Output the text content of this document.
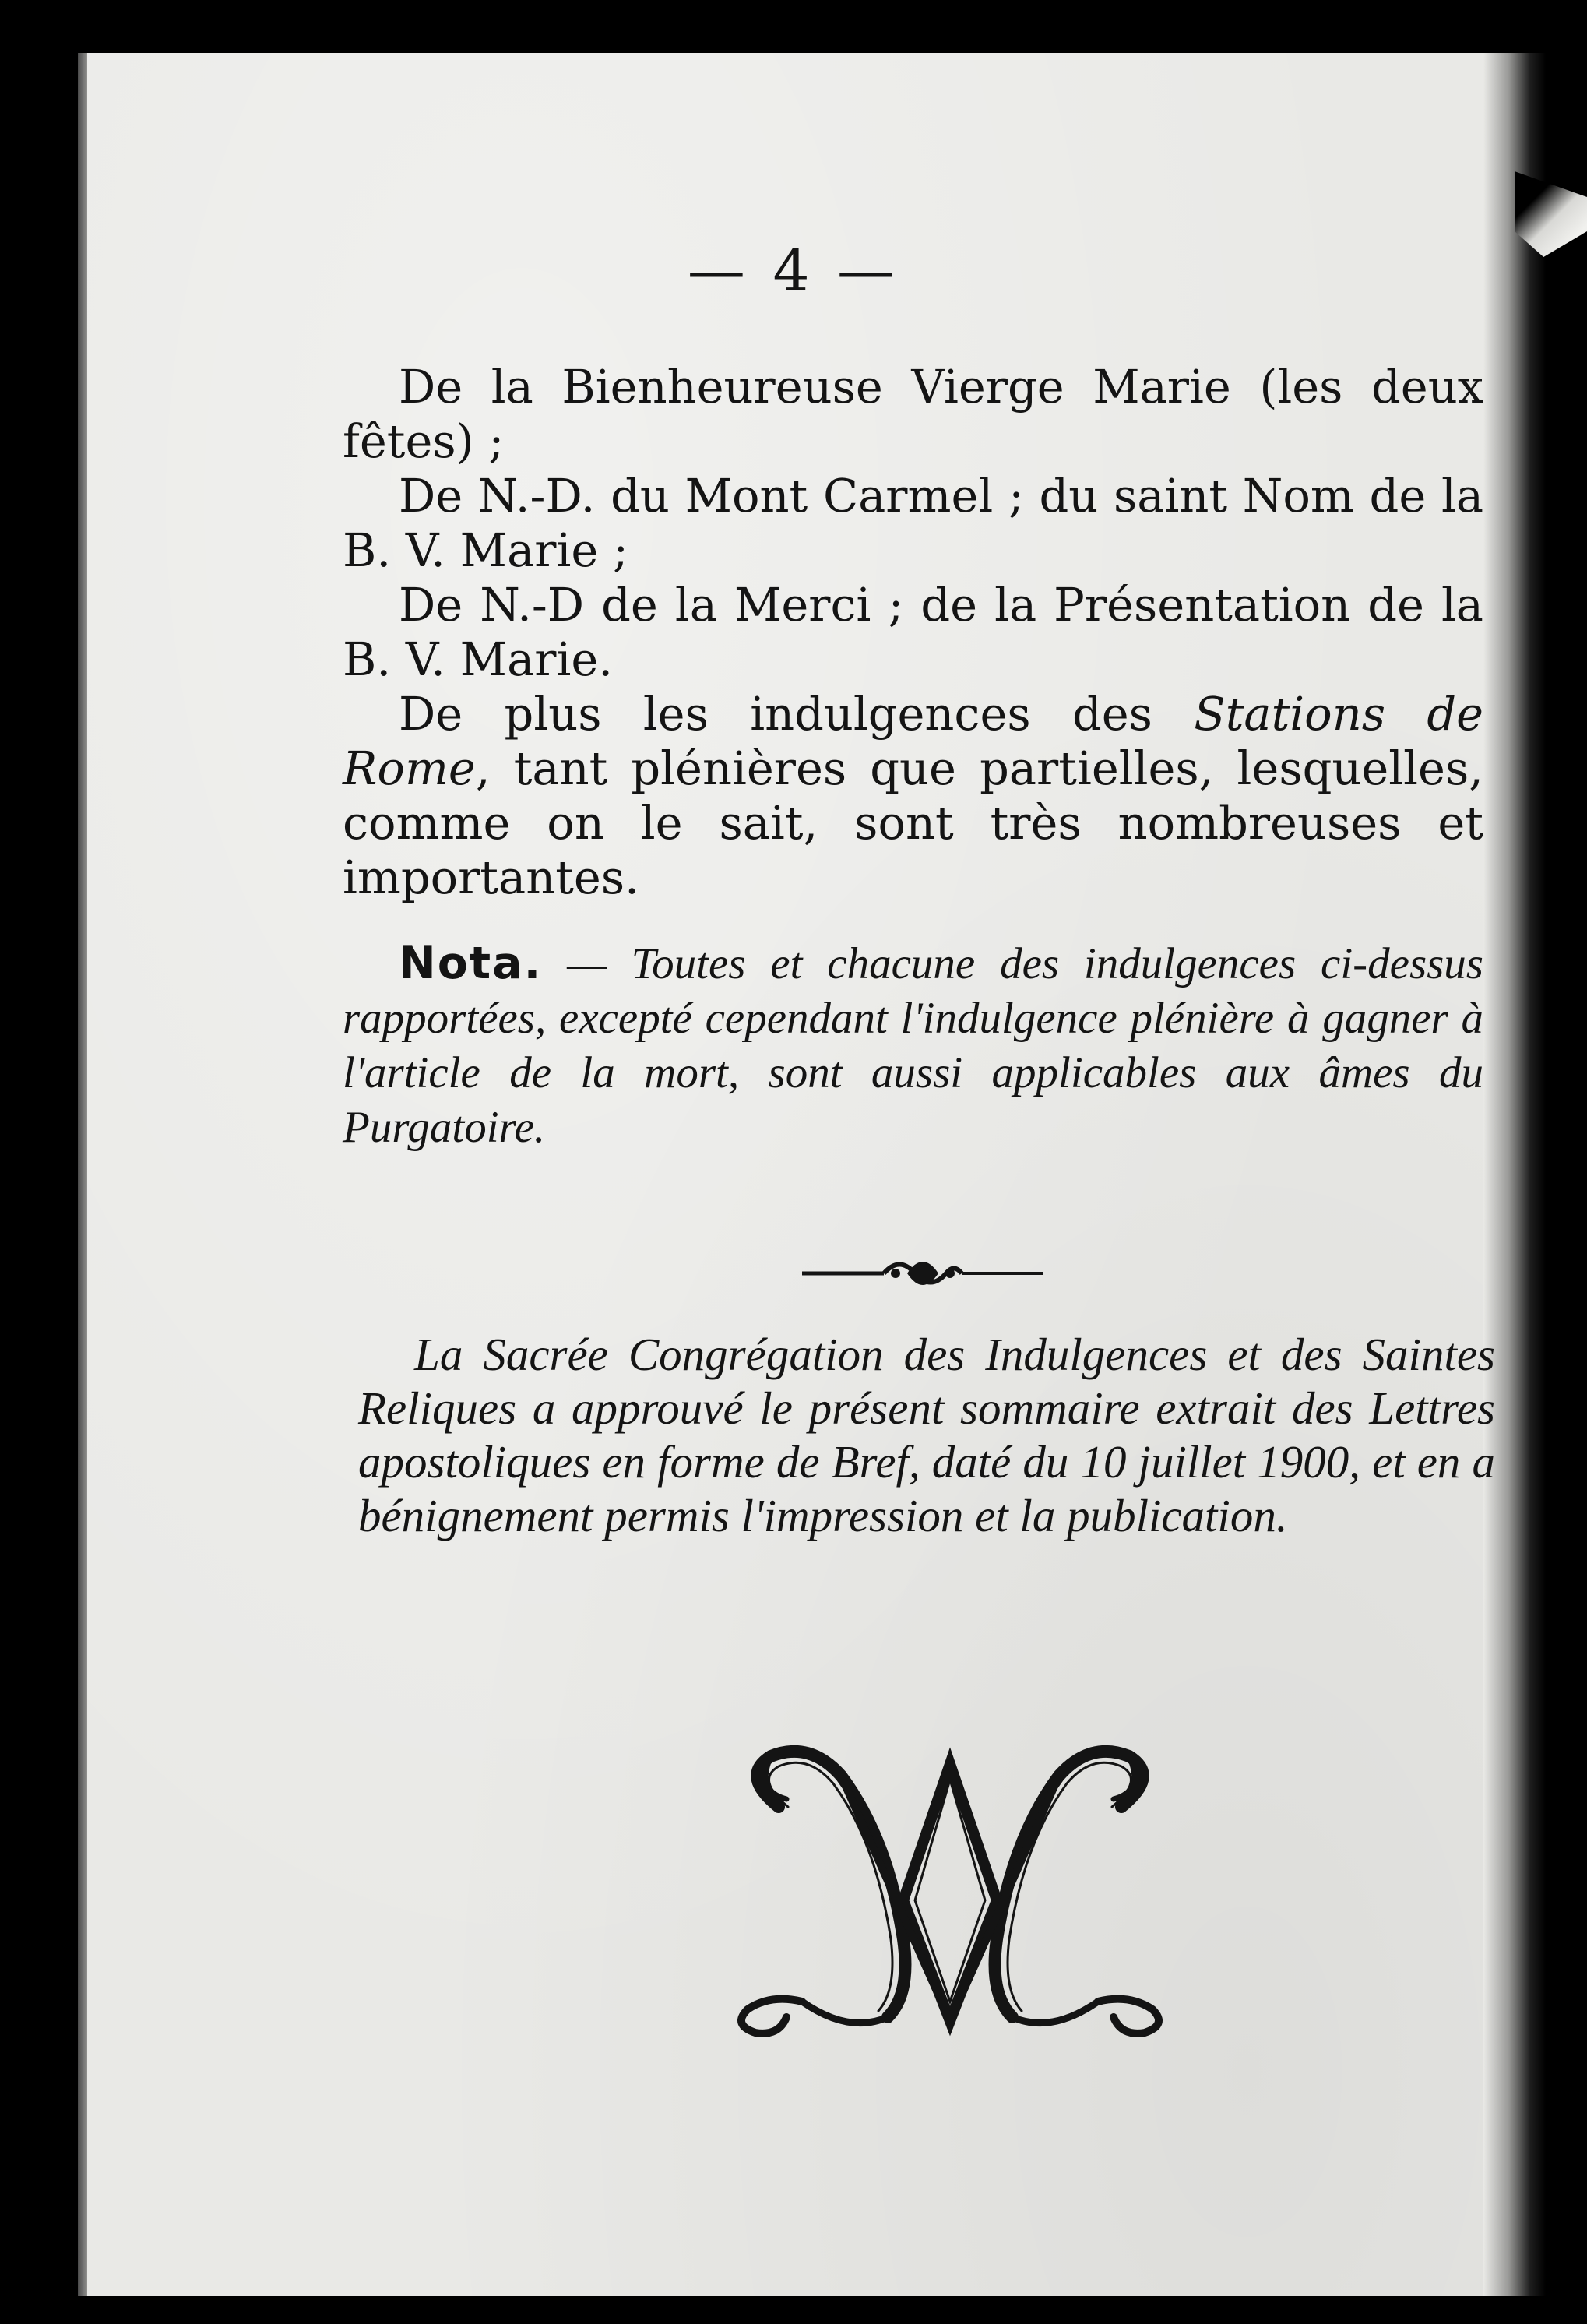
— 4 —

De la Bienheureuse Vierge Marie (les deux fêtes) ;

De N.-D. du Mont Carmel ; du saint Nom de la B. V. Marie ;

De N.-D de la Merci ; de la Présentation de la B. V. Marie.

De plus les indulgences des Stations de Rome, tant plénières que partielles, lesquelles, comme on le sait, sont très nombreuses et importantes.

Nota. — Toutes et chacune des indulgences ci-dessus rapportées, excepté cependant l'indulgence plénière à gagner à l'article de la mort, sont aussi applicables aux âmes du Purgatoire.

La Sacrée Congrégation des Indulgences et des Saintes Reliques a approuvé le présent sommaire extrait des Lettres apostoliques en forme de Bref, daté du 10 juillet 1900, et en a bénignement permis l'impression et la publication.
